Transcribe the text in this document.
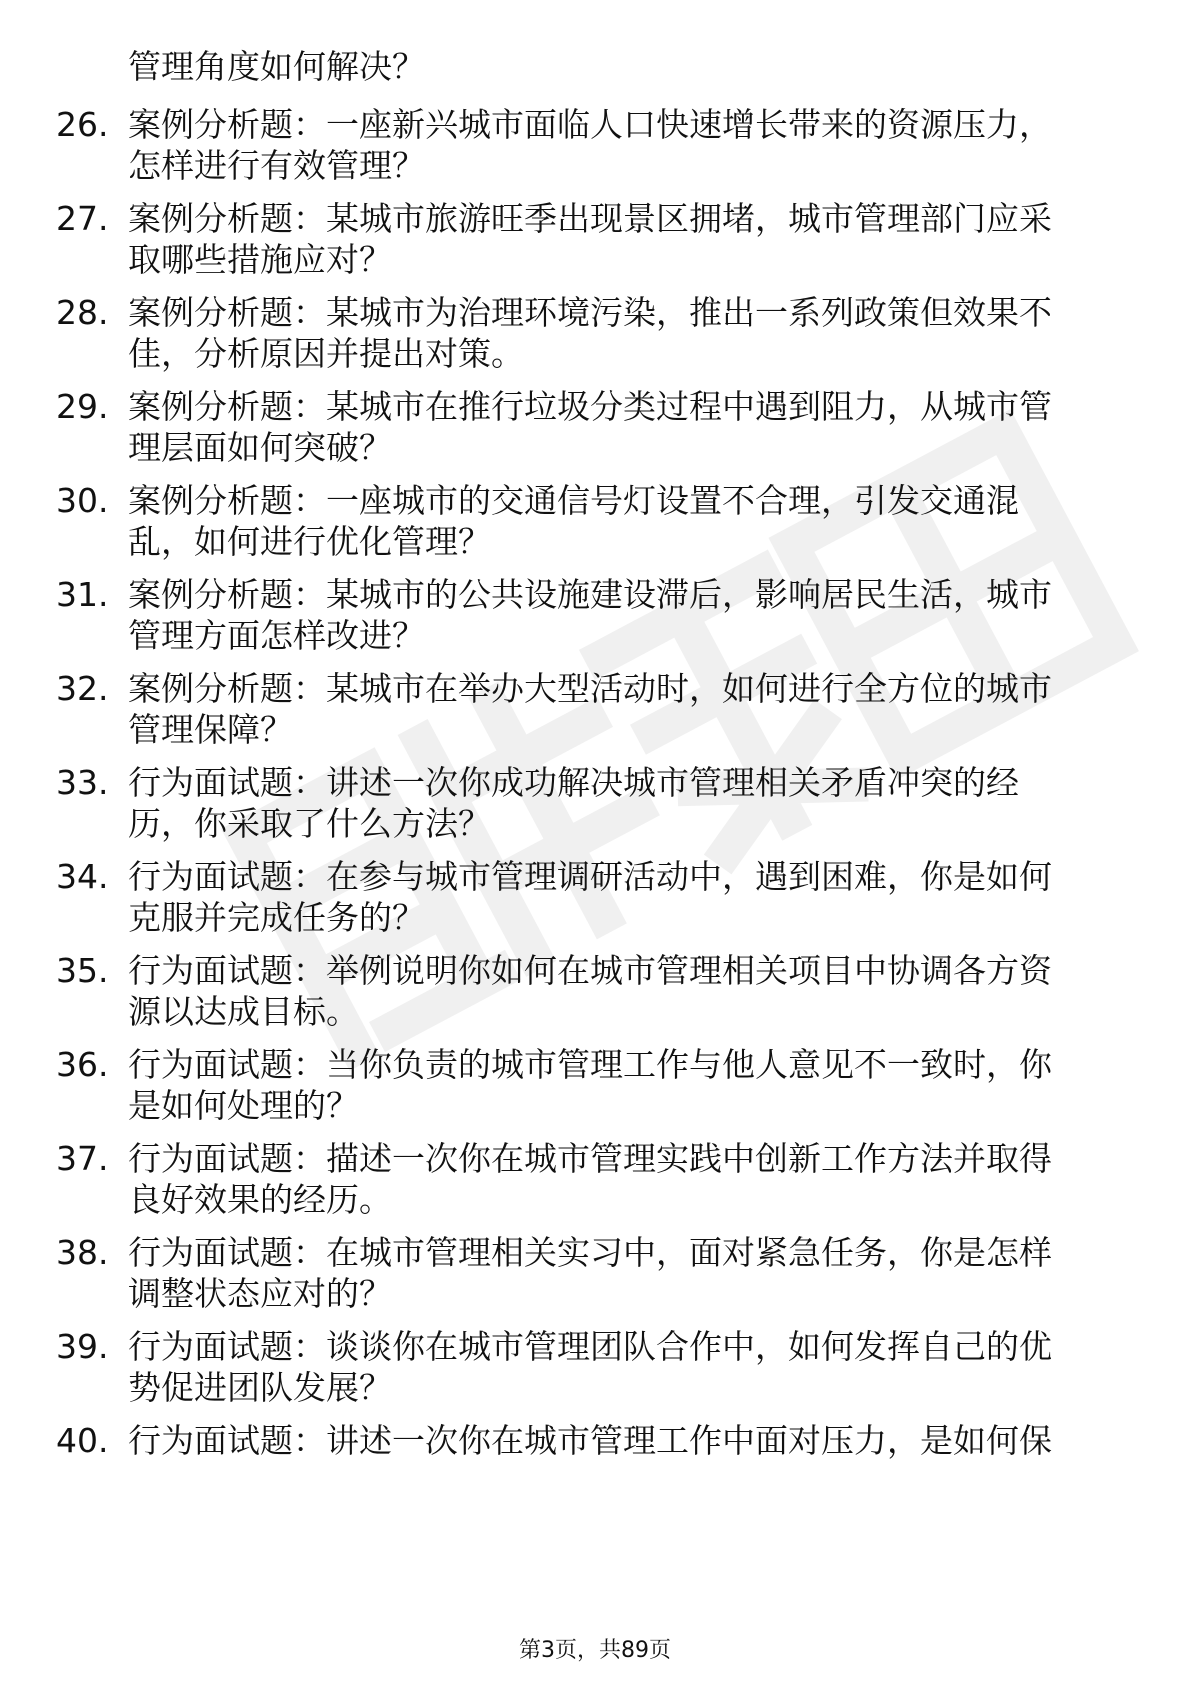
管理角度如何解决？
26. 案例分析题：一座新兴城市面临人口快速增长带来的资源压力，
怎样进行有效管理？
27. 案例分析题：某城市旅游旺季出现景区拥堵，城市管理部门应采
取哪些措施应对？
28. 案例分析题：某城市为治理环境污染，推出一系列政策但效果不
佳，分析原因并提出对策。
29. 案例分析题：某城市在推行垃圾分类过程中遇到阻力，从城市管
理层面如何突破？
30. 案例分析题：一座城市的交通信号灯设置不合理，引发交通混
乱，如何进行优化管理？
31. 案例分析题：某城市的公共设施建设滞后，影响居民生活，城市
管理方面怎样改进？
32. 案例分析题：某城市在举办大型活动时，如何进行全方位的城市
管理保障？
33. 行为面试题：讲述一次你成功解决城市管理相关矛盾冲突的经
历，你采取了什么方法？
34. 行为面试题：在参与城市管理调研活动中，遇到困难，你是如何
克服并完成任务的？
35. 行为面试题：举例说明你如何在城市管理相关项目中协调各方资
源以达成目标。
36. 行为面试题：当你负责的城市管理工作与他人意见不一致时，你
是如何处理的？
37. 行为面试题：描述一次你在城市管理实践中创新工作方法并取得
良好效果的经历。
38. 行为面试题：在城市管理相关实习中，面对紧急任务，你是怎样
调整状态应对的？
39. 行为面试题：谈谈你在城市管理团队合作中，如何发挥自己的优
势促进团队发展？
40. 行为面试题：讲述一次你在城市管理工作中面对压力，是如何保
第3页，共89页
